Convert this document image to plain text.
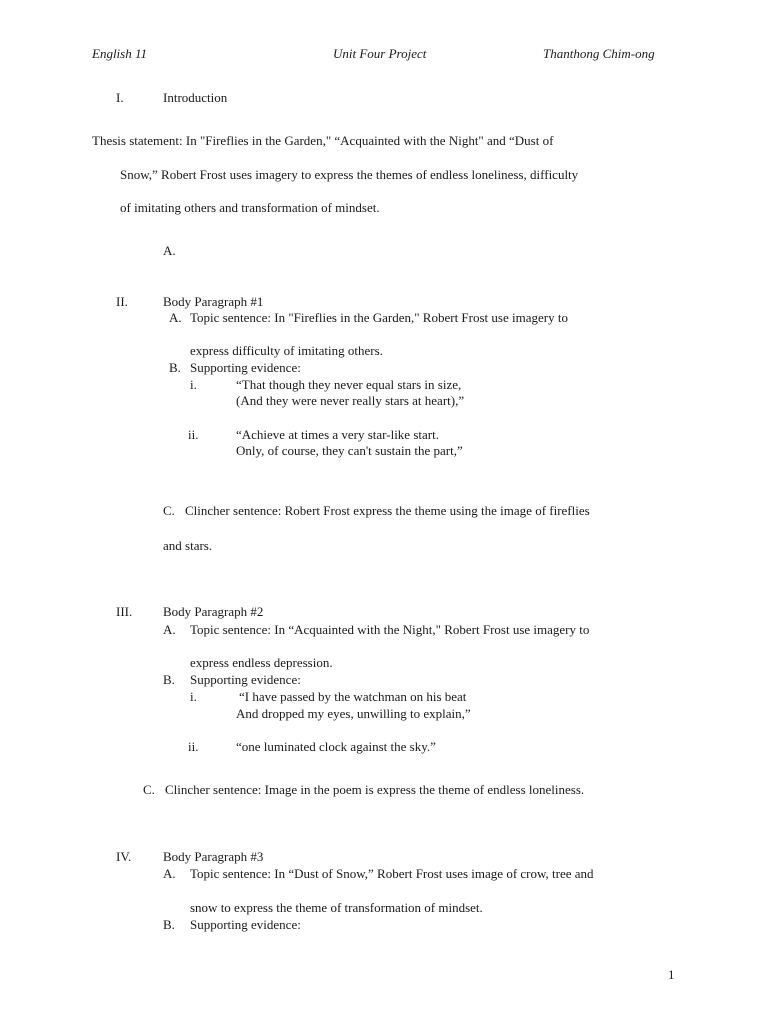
English 11	Unit Four Project	Thanthong Chim-ong
I.	Introduction
Thesis statement: In "Fireflies in the Garden," “Acquainted with the Night" and “Dust of
Snow,” Robert Frost uses imagery to express the themes of endless loneliness, difficulty
of imitating others and transformation of mindset.
A.
II.	Body Paragraph #1
A. Topic sentence: In "Fireflies in the Garden," Robert Frost use imagery to
express difficulty of imitating others.
B. Supporting evidence:
i.	“That though they never equal stars in size,
(And they were never really stars at heart),”
ii.	“Achieve at times a very star-like start.
Only, of course, they can't sustain the part,”
C. Clincher sentence: Robert Frost express the theme using the image of fireflies
and stars.
III. Body Paragraph #2
A. Topic sentence: In “Acquainted with the Night," Robert Frost use imagery to
express endless depression.
B. Supporting evidence:
i.	“I have passed by the watchman on his beat
And dropped my eyes, unwilling to explain,”
ii.	“one luminated clock against the sky.”
C. Clincher sentence: Image in the poem is express the theme of endless loneliness.
IV. Body Paragraph #3
A. Topic sentence: In “Dust of Snow,” Robert Frost uses image of crow, tree and
snow to express the theme of transformation of mindset.
B. Supporting evidence:
1
